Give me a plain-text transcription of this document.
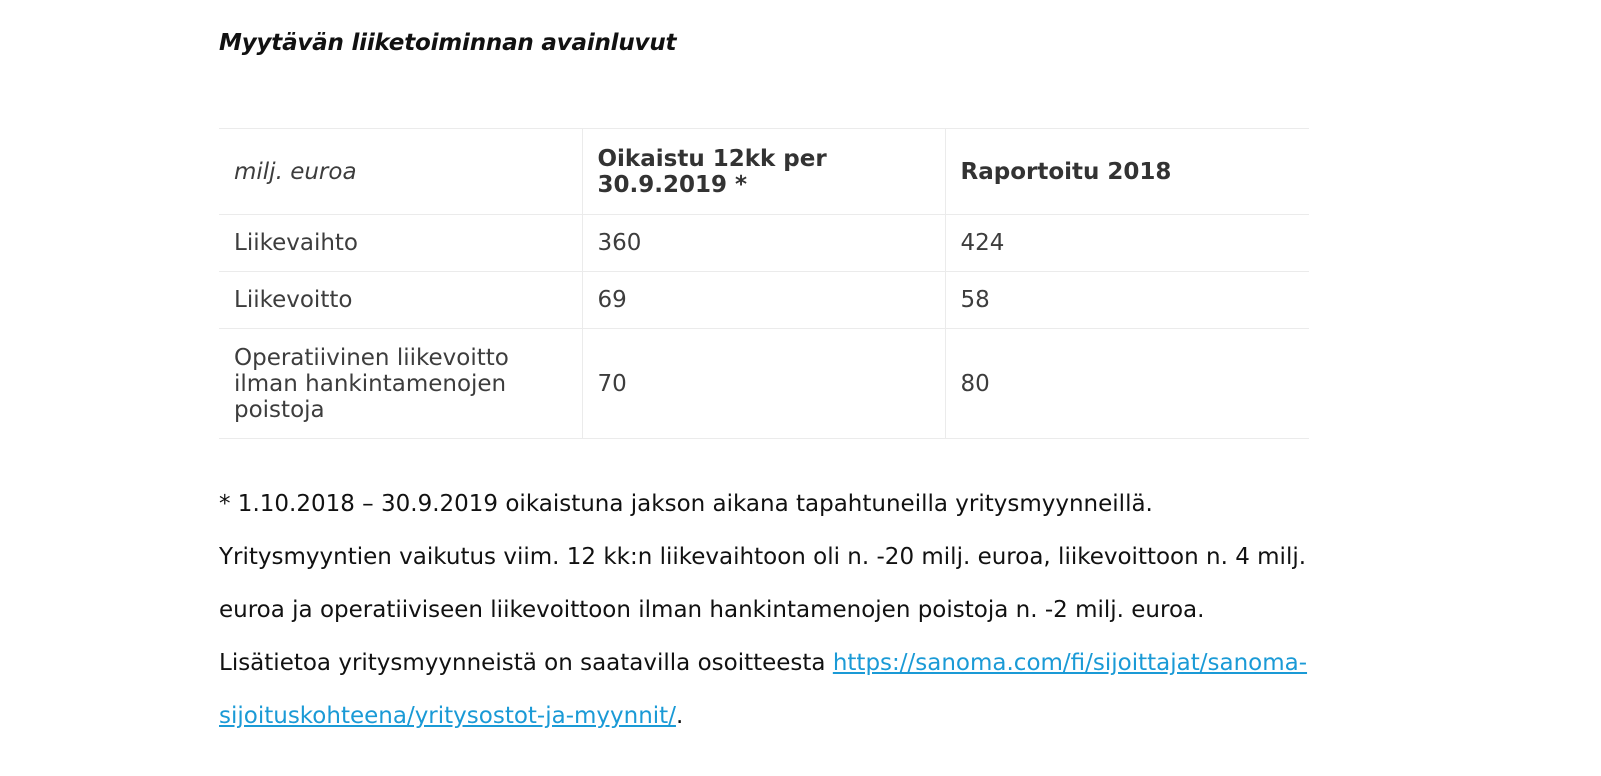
Myytävän liiketoiminnan avainluvut
milj. euroa	Oikaistu 12kk per 30.9.2019 *	Raportoitu 2018
Liikevaihto	360	424
Liikevoitto	69	58
Operatiivinen liikevoitto ilman hankintamenojen poistoja	70	80

* 1.10.2018 – 30.9.2019 oikaistuna jakson aikana tapahtuneilla yritysmyynneillä. Yritysmyyntien vaikutus viim. 12 kk:n liikevaihtoon oli n. -20 milj. euroa, liikevoittoon n. 4 milj. euroa ja operatiiviseen liikevoittoon ilman hankintamenojen poistoja n. -2 milj. euroa. Lisätietoa yritysmyynneistä on saatavilla osoitteesta https://sanoma.com/fi/sijoittajat/sanoma-sijoituskohteena/yritysostot-ja-myynnit/.
